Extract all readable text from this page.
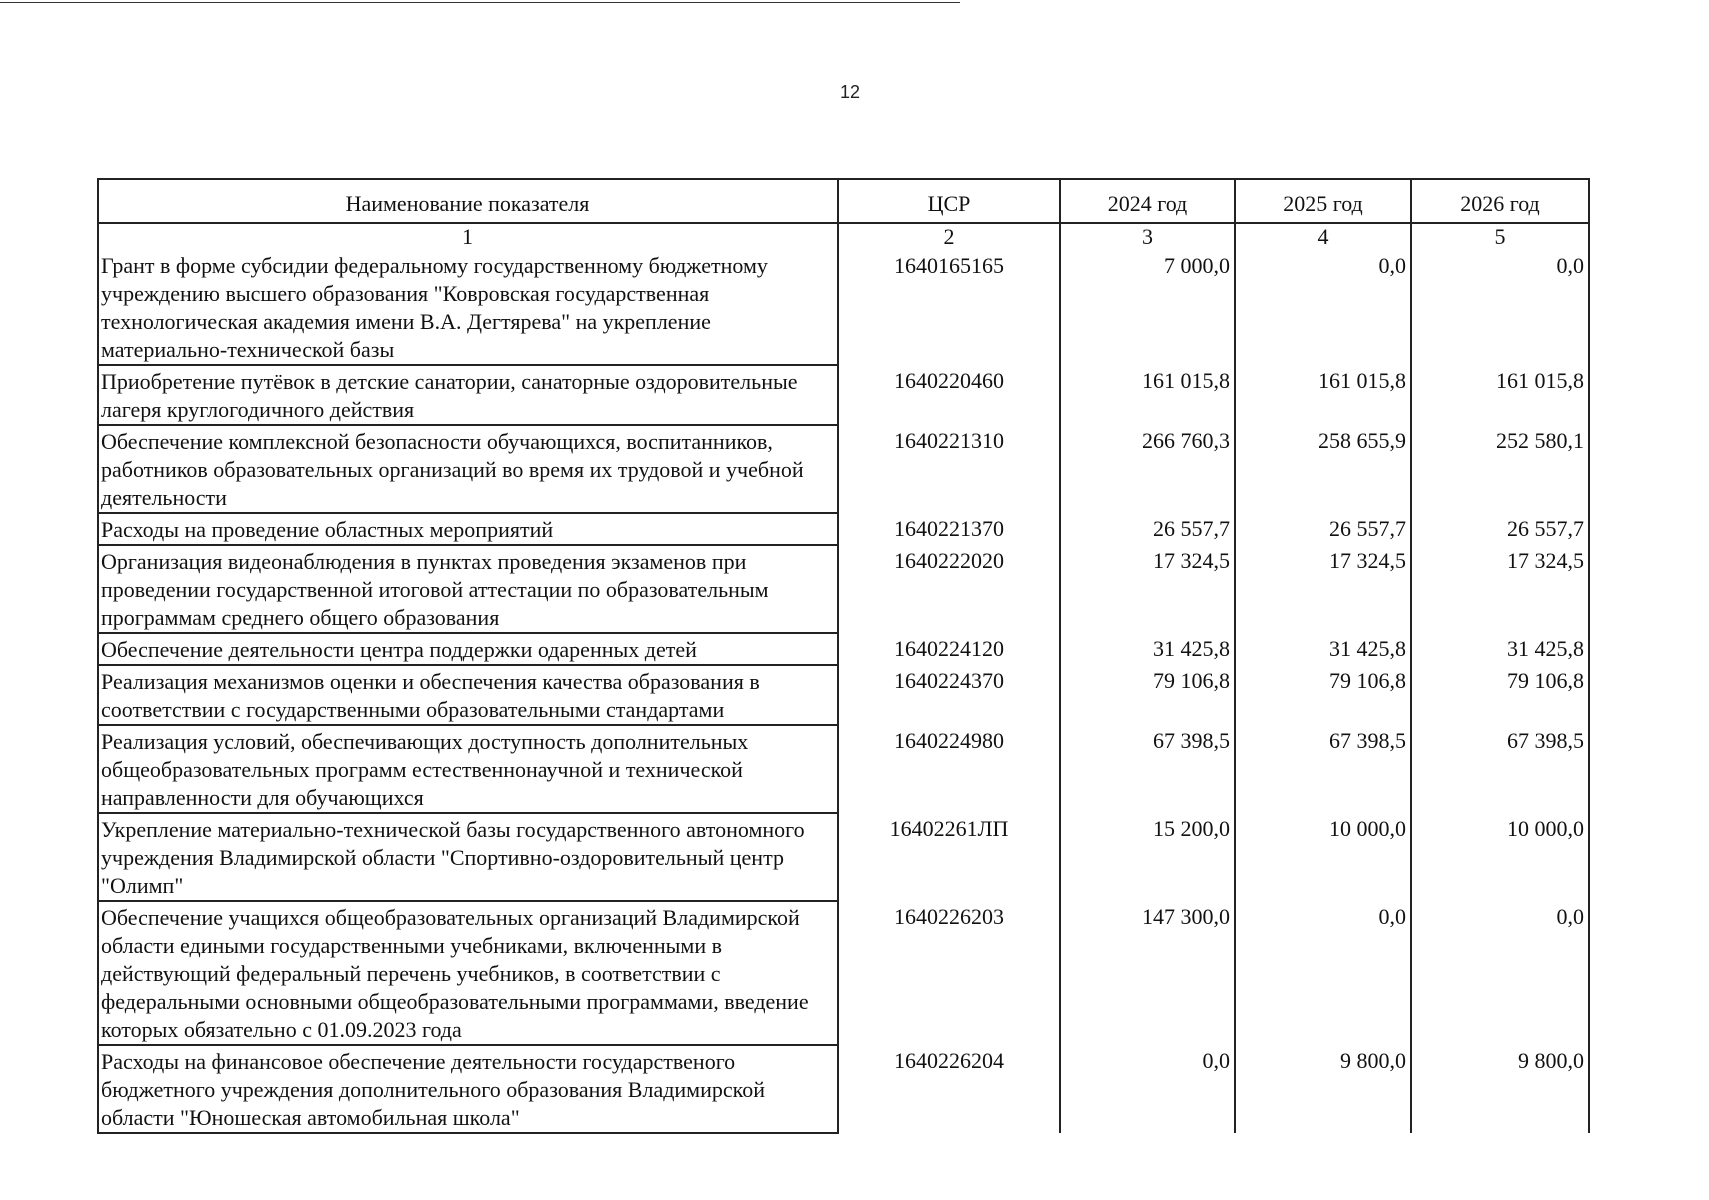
12
Наименование показателя	ЦСР	2024 год	2025 год	2026 год
1	2	3	4	5
Грант в форме субсидии федеральному государственному бюджетному учреждению высшего образования "Ковровская государственная технологическая академия имени В.А. Дегтярева" на укрепление материально-технической базы	1640165165	7 000,0	0,0	0,0
Приобретение путёвок в детские санатории, санаторные оздоровительные лагеря круглогодичного действия	1640220460	161 015,8	161 015,8	161 015,8
Обеспечение комплексной безопасности обучающихся, воспитанников, работников образовательных организаций во время их трудовой и учебной деятельности	1640221310	266 760,3	258 655,9	252 580,1
Расходы на проведение областных мероприятий	1640221370	26 557,7	26 557,7	26 557,7
Организация видеонаблюдения в пунктах проведения экзаменов при проведении государственной итоговой аттестации по образовательным программам среднего общего образования	1640222020	17 324,5	17 324,5	17 324,5
Обеспечение деятельности центра поддержки одаренных детей	1640224120	31 425,8	31 425,8	31 425,8
Реализация механизмов оценки и обеспечения качества образования в соответствии с государственными образовательными стандартами	1640224370	79 106,8	79 106,8	79 106,8
Реализация условий, обеспечивающих доступность дополнительных общеобразовательных программ естественнонаучной и технической направленности для обучающихся	1640224980	67 398,5	67 398,5	67 398,5
Укрепление материально-технической базы государственного автономного учреждения Владимирской области "Спортивно-оздоровительный центр "Олимп"	16402261ЛП	15 200,0	10 000,0	10 000,0
Обеспечение учащихся общеобразовательных организаций Владимирской области едиными государственными учебниками, включенными в действующий федеральный перечень учебников, в соответствии с федеральными основными общеобразовательными программами, введение которых обязательно с 01.09.2023 года	1640226203	147 300,0	0,0	0,0
Расходы на финансовое обеспечение деятельности государственого бюджетного учреждения дополнительного образования Владимирской области "Юношеская автомобильная школа"	1640226204	0,0	9 800,0	9 800,0
